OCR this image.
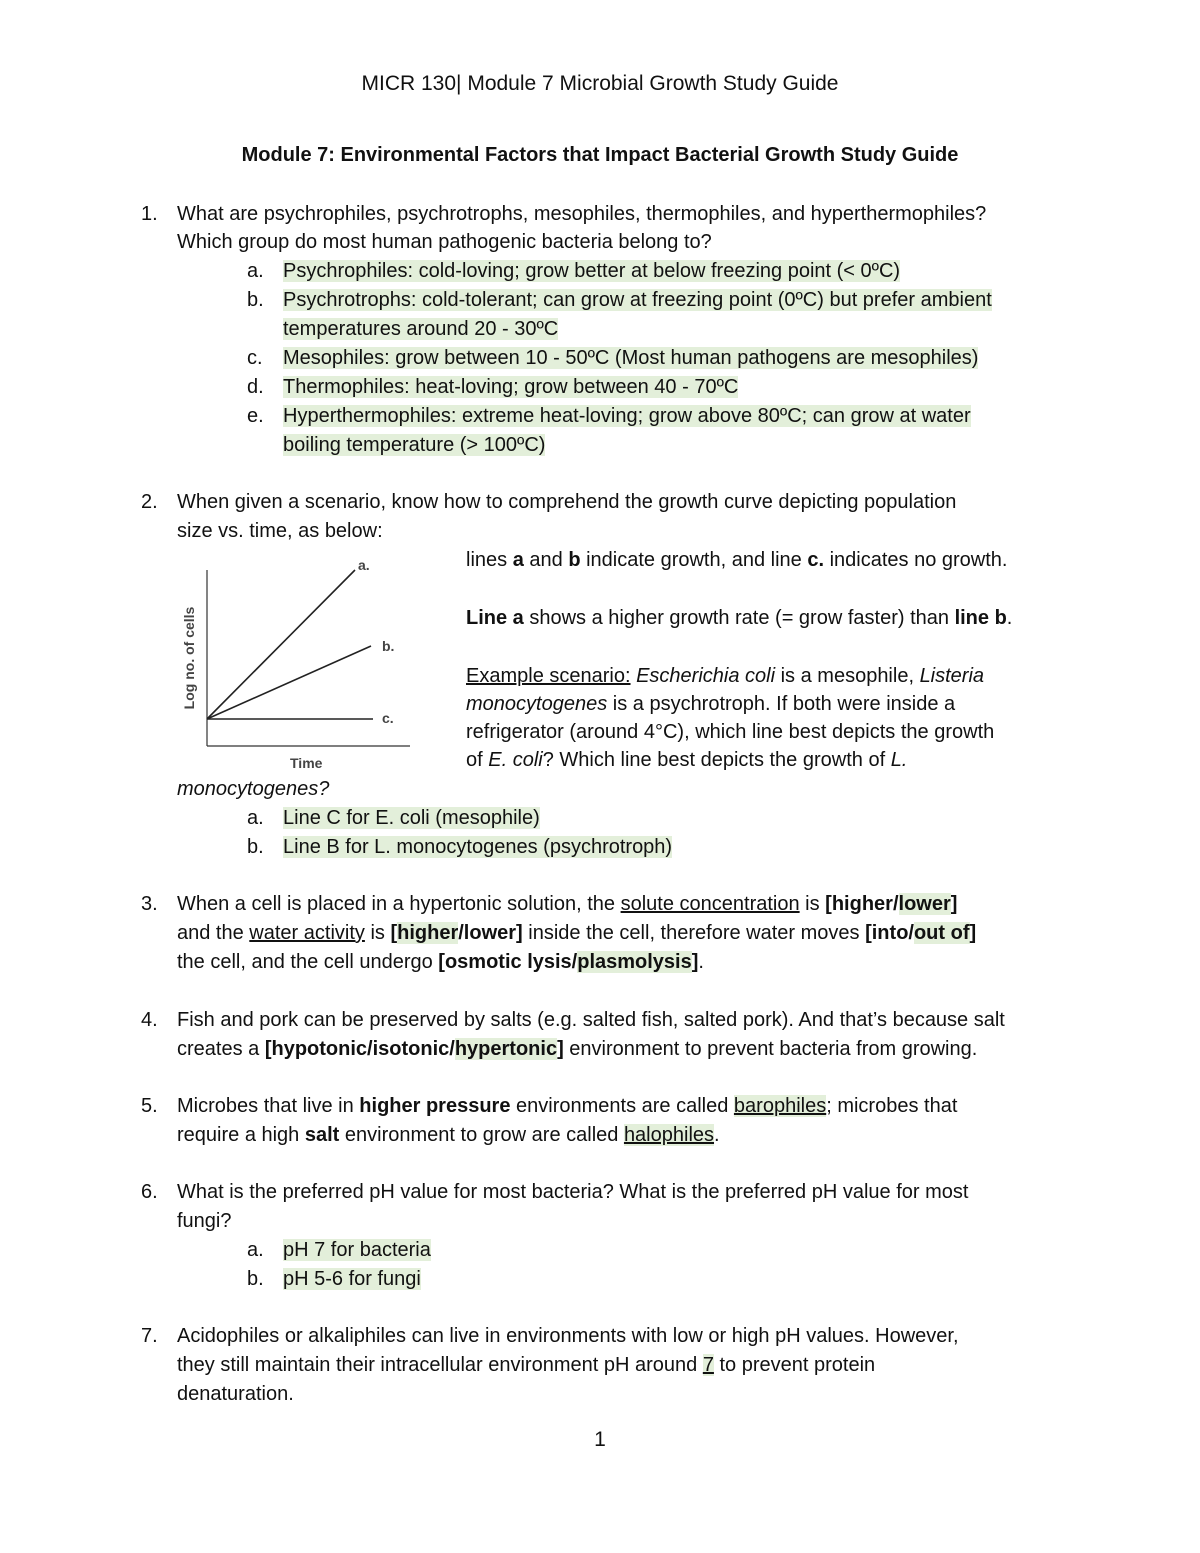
MICR 130| Module 7 Microbial Growth Study Guide
Module 7: Environmental Factors that Impact Bacterial Growth Study Guide
1. What are psychrophiles, psychrotrophs, mesophiles, thermophiles, and hyperthermophiles?
Which group do most human pathogenic bacteria belong to?
a. Psychrophiles: cold-loving; grow better at below freezing point (< 0ºC)
b. Psychrotrophs: cold-tolerant; can grow at freezing point (0ºC) but prefer ambient
temperatures around 20 - 30ºC
c. Mesophiles: grow between 10 - 50ºC (Most human pathogens are mesophiles)
d. Thermophiles: heat-loving; grow between 40 - 70ºC
e. Hyperthermophiles: extreme heat-loving; grow above 80ºC; can grow at water
boiling temperature (> 100ºC)
2. When given a scenario, know how to comprehend the growth curve depicting population
size vs. time, as below:
a.
b.
c.
Time
Log no. of cells
lines a and b indicate growth, and line c. indicates no growth.
Line a shows a higher growth rate (= grow faster) than line b.
Example scenario: Escherichia coli is a mesophile, Listeria
monocytogenes is a psychrotroph. If both were inside a
refrigerator (around 4°C), which line best depicts the growth
of E. coli? Which line best depicts the growth of L.
monocytogenes?
a. Line C for E. coli (mesophile)
b. Line B for L. monocytogenes (psychrotroph)
3. When a cell is placed in a hypertonic solution, the solute concentration is [higher/lower]
and the water activity is [higher/lower] inside the cell, therefore water moves [into/out of]
the cell, and the cell undergo [osmotic lysis/plasmolysis].
4. Fish and pork can be preserved by salts (e.g. salted fish, salted pork). And that’s because salt
creates a [hypotonic/isotonic/hypertonic] environment to prevent bacteria from growing.
5. Microbes that live in higher pressure environments are called barophiles; microbes that
require a high salt environment to grow are called halophiles.
6. What is the preferred pH value for most bacteria? What is the preferred pH value for most
fungi?
a. pH 7 for bacteria
b. pH 5-6 for fungi
7. Acidophiles or alkaliphiles can live in environments with low or high pH values. However,
they still maintain their intracellular environment pH around 7 to prevent protein
denaturation.
1
